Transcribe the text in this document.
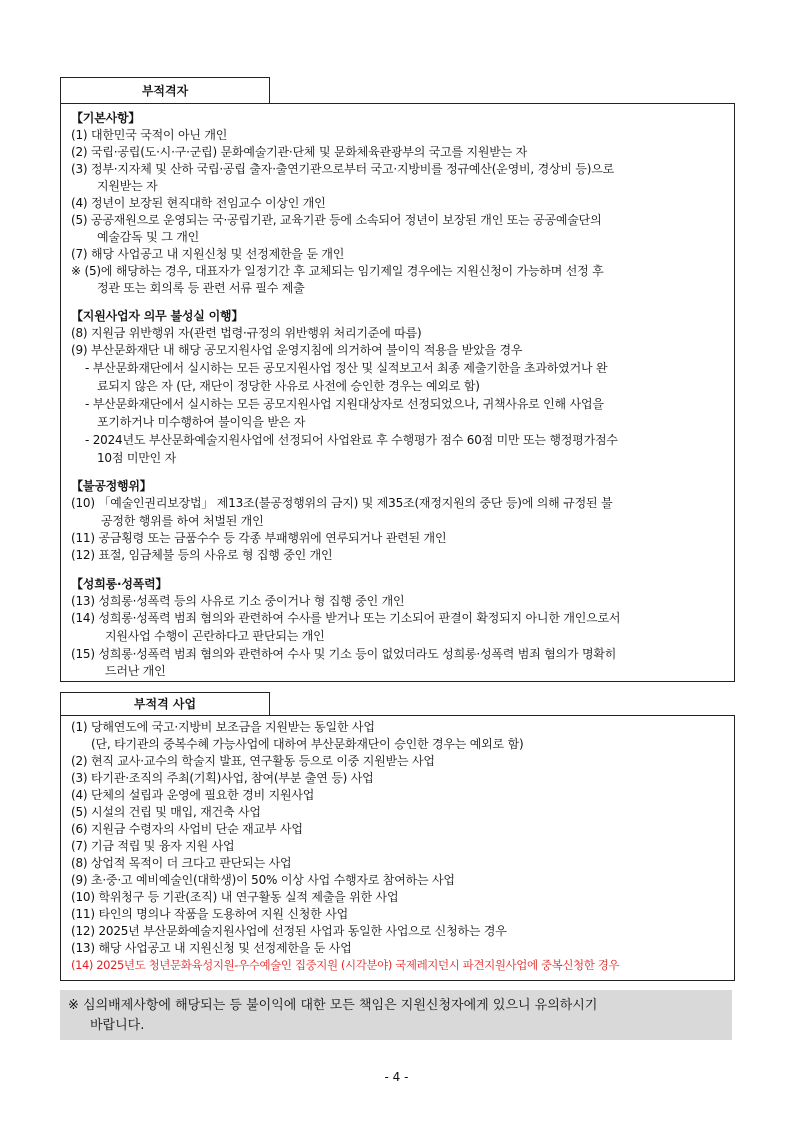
부적격자
【기본사항】
(1) 대한민국 국적이 아닌 개인
(2) 국립·공립(도·시·구·군립) 문화예술기관·단체 및 문화체육관광부의 국고를 지원받는 자
(3) 정부·지자체 및 산하 국립·공립 출자·출연기관으로부터 국고·지방비를 정규예산(운영비, 경상비 등)으로
지원받는 자
(4) 정년이 보장된 현직대학 전임교수 이상인 개인
(5) 공공재원으로 운영되는 국·공립기관, 교육기관 등에 소속되어 정년이 보장된 개인 또는 공공예술단의
예술감독 및 그 개인
(7) 해당 사업공고 내 지원신청 및 선정제한을 둔 개인
※ (5)에 해당하는 경우, 대표자가 일정기간 후 교체되는 임기제일 경우에는 지원신청이 가능하며 선정 후
정관 또는 회의록 등 관련 서류 필수 제출
【지원사업자 의무 불성실 이행】
(8) 지원금 위반행위 자(관련 법령·규정의 위반행위 처리기준에 따름)
(9) 부산문화재단 내 해당 공모지원사업 운영지침에 의거하여 불이익 적용을 받았을 경우
- 부산문화재단에서 실시하는 모든 공모지원사업 정산 및 실적보고서 최종 제출기한을 초과하였거나 완
료되지 않은 자 (단, 재단이 정당한 사유로 사전에 승인한 경우는 예외로 함)
- 부산문화재단에서 실시하는 모든 공모지원사업 지원대상자로 선정되었으나, 귀책사유로 인해 사업을
포기하거나 미수행하여 불이익을 받은 자
- 2024년도 부산문화예술지원사업에 선정되어 사업완료 후 수행평가 점수 60점 미만 또는 행정평가점수
10점 미만인 자
【불공정행위】
(10) 「예술인권리보장법」 제13조(불공정행위의 금지) 및 제35조(재정지원의 중단 등)에 의해 규정된 불
공정한 행위를 하여 처벌된 개인
(11) 공금횡령 또는 금품수수 등 각종 부패행위에 연루되거나 관련된 개인
(12) 표절, 임금체불 등의 사유로 형 집행 중인 개인
【성희롱·성폭력】
(13) 성희롱·성폭력 등의 사유로 기소 중이거나 형 집행 중인 개인
(14) 성희롱·성폭력 범죄 혐의와 관련하여 수사를 받거나 또는 기소되어 판결이 확정되지 아니한 개인으로서
지원사업 수행이 곤란하다고 판단되는 개인
(15) 성희롱·성폭력 범죄 혐의와 관련하여 수사 및 기소 등이 없었더라도 성희롱·성폭력 범죄 혐의가 명확히
드러난 개인
부적격 사업
(1) 당해연도에 국고·지방비 보조금을 지원받는 동일한 사업
(단, 타기관의 중복수혜 가능사업에 대하여 부산문화재단이 승인한 경우는 예외로 함)
(2) 현직 교사·교수의 학술지 발표, 연구활동 등으로 이중 지원받는 사업
(3) 타기관·조직의 주최(기획)사업, 참여(부분 출연 등) 사업
(4) 단체의 설립과 운영에 필요한 경비 지원사업
(5) 시설의 건립 및 매입, 재건축 사업
(6) 지원금 수령자의 사업비 단순 재교부 사업
(7) 기금 적립 및 융자 지원 사업
(8) 상업적 목적이 더 크다고 판단되는 사업
(9) 초·중·고 예비예술인(대학생)이 50% 이상 사업 수행자로 참여하는 사업
(10) 학위청구 등 기관(조직) 내 연구활동 실적 제출을 위한 사업
(11) 타인의 명의나 작품을 도용하여 지원 신청한 사업
(12) 2025년 부산문화예술지원사업에 선정된 사업과 동일한 사업으로 신청하는 경우
(13) 해당 사업공고 내 지원신청 및 선정제한을 둔 사업
(14) 2025년도 청년문화육성지원-우수예술인 집중지원 (시각분야) 국제레지던시 파견지원사업에 중복신청한 경우
※ 심의배제사항에 해당되는 등 불이익에 대한 모든 책임은 지원신청자에게 있으니 유의하시기
바랍니다.
- 4 -
